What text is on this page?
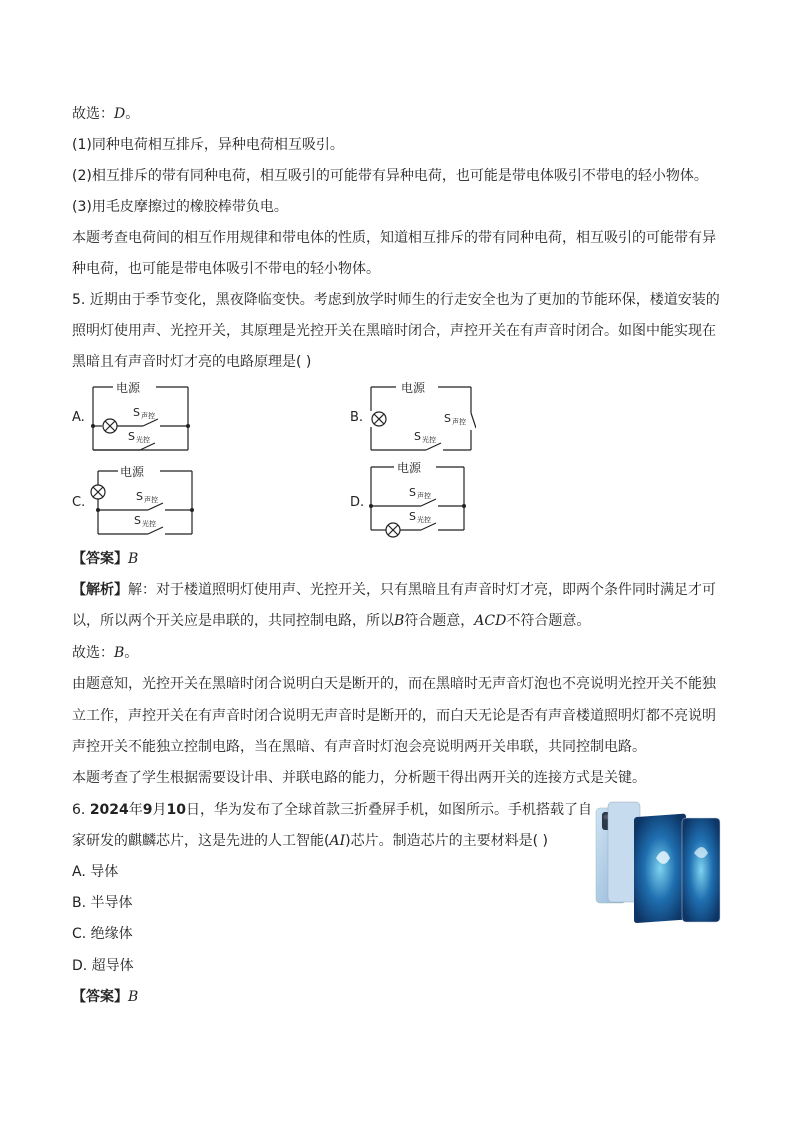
故选：D。
(1)同种电荷相互排斥，异种电荷相互吸引。
(2)相互排斥的带有同种电荷，相互吸引的可能带有异种电荷，也可能是带电体吸引不带电的轻小物体。
(3)用毛皮摩擦过的橡胶棒带负电。
本题考查电荷间的相互作用规律和带电体的性质，知道相互排斥的带有同种电荷，相互吸引的可能带有异
种电荷，也可能是带电体吸引不带电的轻小物体。
5. 近期由于季节变化，黑夜降临变快。考虑到放学时师生的行走安全也为了更加的节能环保，楼道安装的
照明灯使用声、光控开关，其原理是光控开关在黑暗时闭合，声控开关在有声音时闭合。如图中能实现在
黑暗且有声音时灯才亮的电路原理是( )
A.
电源
S 声控
S 光控
B.
电源
S 声控
S 光控
C.
电源
S 声控
S 光控
D.
电源
S 声控
S 光控
【答案】B
【解析】解：对于楼道照明灯使用声、光控开关，只有黑暗且有声音时灯才亮，即两个条件同时满足才可
以，所以两个开关应是串联的，共同控制电路，所以B符合题意，ACD不符合题意。
故选：B。
由题意知，光控开关在黑暗时闭合说明白天是断开的，而在黑暗时无声音灯泡也不亮说明光控开关不能独
立工作，声控开关在有声音时闭合说明无声音时是断开的，而白天无论是否有声音楼道照明灯都不亮说明
声控开关不能独立控制电路，当在黑暗、有声音时灯泡会亮说明两开关串联，共同控制电路。
本题考查了学生根据需要设计串、并联电路的能力，分析题干得出两开关的连接方式是关键。
6. 2024年9月10日，华为发布了全球首款三折叠屏手机，如图所示。手机搭载了自
家研发的麒麟芯片，这是先进的人工智能(AI)芯片。制造芯片的主要材料是( )
A. 导体
B. 半导体
C. 绝缘体
D. 超导体
【答案】B
